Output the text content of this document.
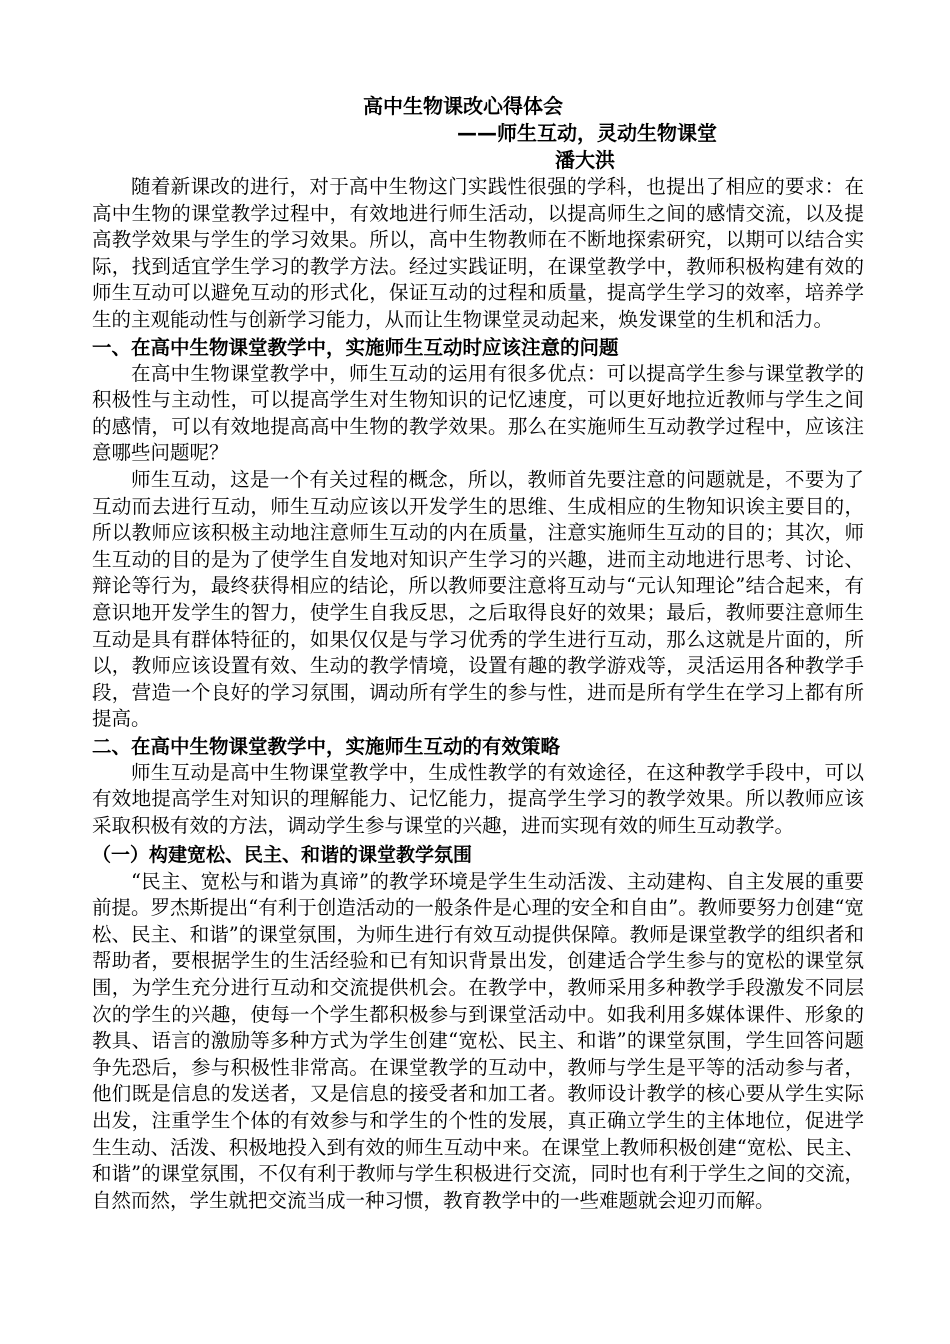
高中生物课改心得体会

——师生互动，灵动生物课堂

潘大洪

随着新课改的进行，对于高中生物这门实践性很强的学科，也提出了相应的要求：在高中生物的课堂教学过程中，有效地进行师生活动，以提高师生之间的感情交流，以及提高教学效果与学生的学习效果。所以，高中生物教师在不断地探索研究，以期可以结合实际，找到适宜学生学习的教学方法。经过实践证明，在课堂教学中，教师积极构建有效的师生互动可以避免互动的形式化，保证互动的过程和质量，提高学生学习的效率，培养学生的主观能动性与创新学习能力，从而让生物课堂灵动起来，焕发课堂的生机和活力。

一、在高中生物课堂教学中，实施师生互动时应该注意的问题

在高中生物课堂教学中，师生互动的运用有很多优点：可以提高学生参与课堂教学的积极性与主动性，可以提高学生对生物知识的记忆速度，可以更好地拉近教师与学生之间的感情，可以有效地提高高中生物的教学效果。那么在实施师生互动教学过程中，应该注意哪些问题呢？

师生互动，这是一个有关过程的概念，所以，教师首先要注意的问题就是，不要为了互动而去进行互动，师生互动应该以开发学生的思维、生成相应的生物知识诶主要目的，所以教师应该积极主动地注意师生互动的内在质量，注意实施师生互动的目的；其次，师生互动的目的是为了使学生自发地对知识产生学习的兴趣，进而主动地进行思考、讨论、辩论等行为，最终获得相应的结论，所以教师要注意将互动与“元认知理论”结合起来，有意识地开发学生的智力，使学生自我反思，之后取得良好的效果；最后，教师要注意师生互动是具有群体特征的，如果仅仅是与学习优秀的学生进行互动，那么这就是片面的，所以，教师应该设置有效、生动的教学情境，设置有趣的教学游戏等，灵活运用各种教学手段，营造一个良好的学习氛围，调动所有学生的参与性，进而是所有学生在学习上都有所提高。

二、在高中生物课堂教学中，实施师生互动的有效策略

师生互动是高中生物课堂教学中，生成性教学的有效途径，在这种教学手段中，可以有效地提高学生对知识的理解能力、记忆能力，提高学生学习的教学效果。所以教师应该采取积极有效的方法，调动学生参与课堂的兴趣，进而实现有效的师生互动教学。

（一）构建宽松、民主、和谐的课堂教学氛围

“民主、宽松与和谐为真谛”的教学环境是学生生动活泼、主动建构、自主发展的重要前提。罗杰斯提出“有利于创造活动的一般条件是心理的安全和自由”。教师要努力创建“宽松、民主、和谐”的课堂氛围，为师生进行有效互动提供保障。教师是课堂教学的组织者和帮助者，要根据学生的生活经验和已有知识背景出发，创建适合学生参与的宽松的课堂氛围，为学生充分进行互动和交流提供机会。在教学中，教师采用多种教学手段激发不同层次的学生的兴趣，使每一个学生都积极参与到课堂活动中。如我利用多媒体课件、形象的教具、语言的激励等多种方式为学生创建“宽松、民主、和谐”的课堂氛围，学生回答问题争先恐后，参与积极性非常高。在课堂教学的互动中，教师与学生是平等的活动参与者，他们既是信息的发送者，又是信息的接受者和加工者。教师设计教学的核心要从学生实际出发，注重学生个体的有效参与和学生的个性的发展，真正确立学生的主体地位，促进学生生动、活泼、积极地投入到有效的师生互动中来。在课堂上教师积极创建“宽松、民主、和谐”的课堂氛围，不仅有利于教师与学生积极进行交流，同时也有利于学生之间的交流，自然而然，学生就把交流当成一种习惯，教育教学中的一些难题就会迎刃而解。
